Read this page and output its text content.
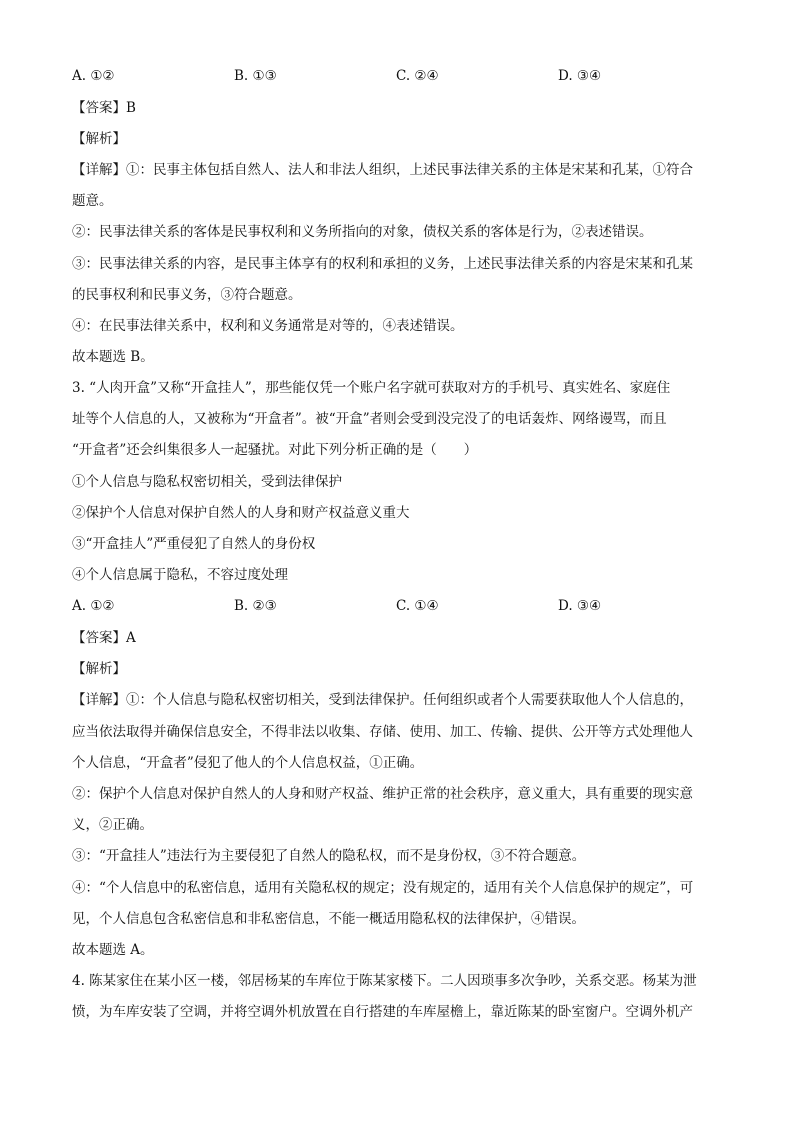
A. ①②	B. ①③	C. ②④	D. ③④
【答案】B
【解析】
【详解】①：民事主体包括自然人、法人和非法人组织，上述民事法律关系的主体是宋某和孔某，①符合
题意。
②：民事法律关系的客体是民事权利和义务所指向的对象，债权关系的客体是行为，②表述错误。
③：民事法律关系的内容，是民事主体享有的权利和承担的义务，上述民事法律关系的内容是宋某和孔某
的民事权利和民事义务，③符合题意。
④：在民事法律关系中，权利和义务通常是对等的，④表述错误。
故本题选 B。
3. “人肉开盒”又称“开盒挂人”，那些能仅凭一个账户名字就可获取对方的手机号、真实姓名、家庭住
址等个人信息的人，又被称为“开盒者”。被“开盒”者则会受到没完没了的电话轰炸、网络谩骂，而且
“开盒者”还会纠集很多人一起骚扰。对此下列分析正确的是（　　）
①个人信息与隐私权密切相关，受到法律保护
②保护个人信息对保护自然人的人身和财产权益意义重大
③“开盒挂人”严重侵犯了自然人的身份权
④个人信息属于隐私，不容过度处理
A. ①②	B. ②③	C. ①④	D. ③④
【答案】A
【解析】
【详解】①：个人信息与隐私权密切相关，受到法律保护。任何组织或者个人需要获取他人个人信息的，
应当依法取得并确保信息安全，不得非法以收集、存储、使用、加工、传输、提供、公开等方式处理他人
个人信息，“开盒者”侵犯了他人的个人信息权益，①正确。
②：保护个人信息对保护自然人的人身和财产权益、维护正常的社会秩序，意义重大，具有重要的现实意
义，②正确。
③：“开盒挂人”违法行为主要侵犯了自然人的隐私权，而不是身份权，③不符合题意。
④：“个人信息中的私密信息，适用有关隐私权的规定；没有规定的，适用有关个人信息保护的规定”，可
见，个人信息包含私密信息和非私密信息，不能一概适用隐私权的法律保护，④错误。
故本题选 A。
4. 陈某家住在某小区一楼，邻居杨某的车库位于陈某家楼下。二人因琐事多次争吵，关系交恶。杨某为泄
愤，为车库安装了空调，并将空调外机放置在自行搭建的车库屋檐上，靠近陈某的卧室窗户。空调外机产
